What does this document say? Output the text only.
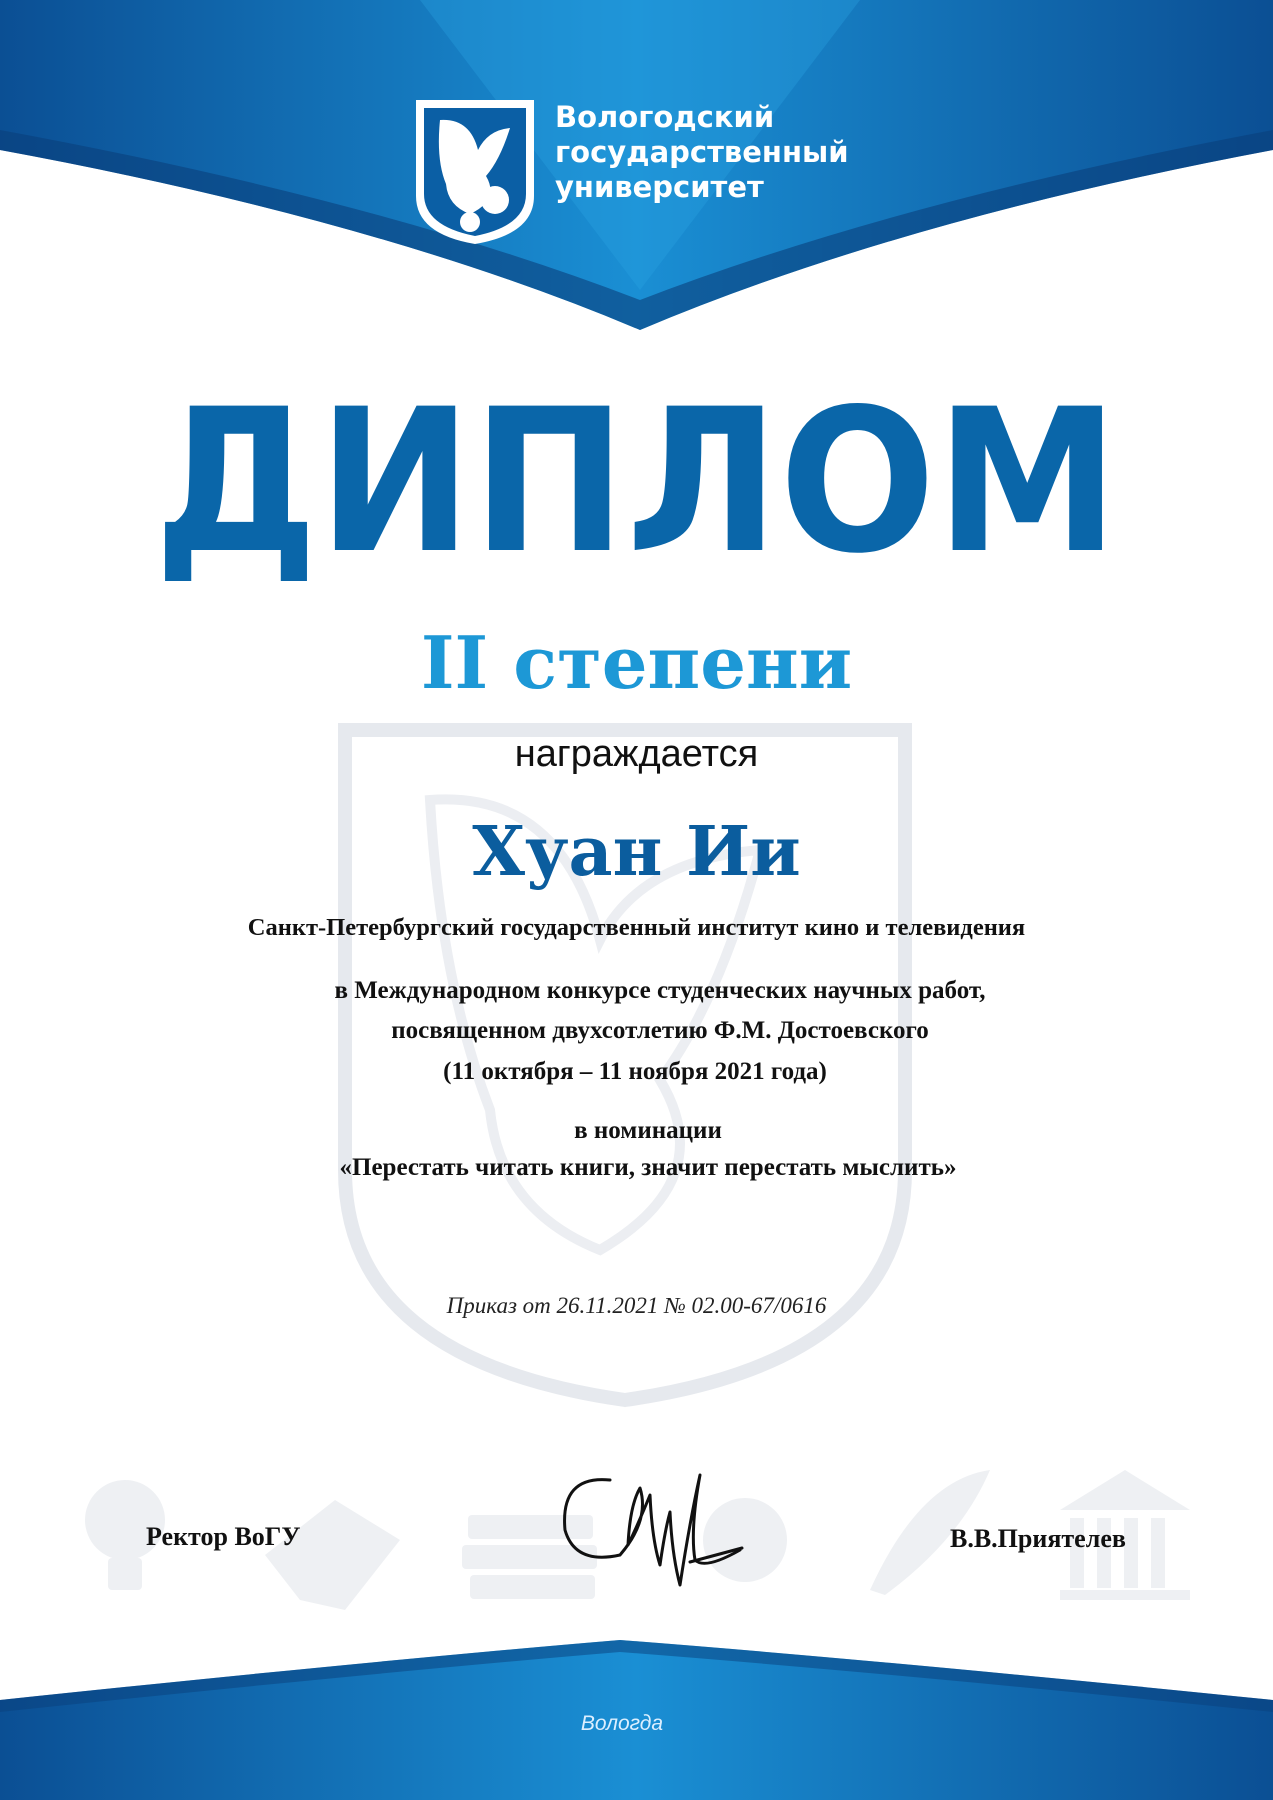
Вологодский
государственный
университет
ДИПЛОМ
II степени
награждается
Хуан Ии
Санкт-Петербургский государственный институт кино и телевидения
в Международном конкурсе студенческих научных работ,
посвященном двухсотлетию Ф.М. Достоевского
(11 октября – 11 ноября 2021 года)
в номинации
«Перестать читать книги, значит перестать мыслить»
Приказ от 26.11.2021 № 02.00-67/0616
Ректор ВоГУ	В.В.Приятелев
Вологда
